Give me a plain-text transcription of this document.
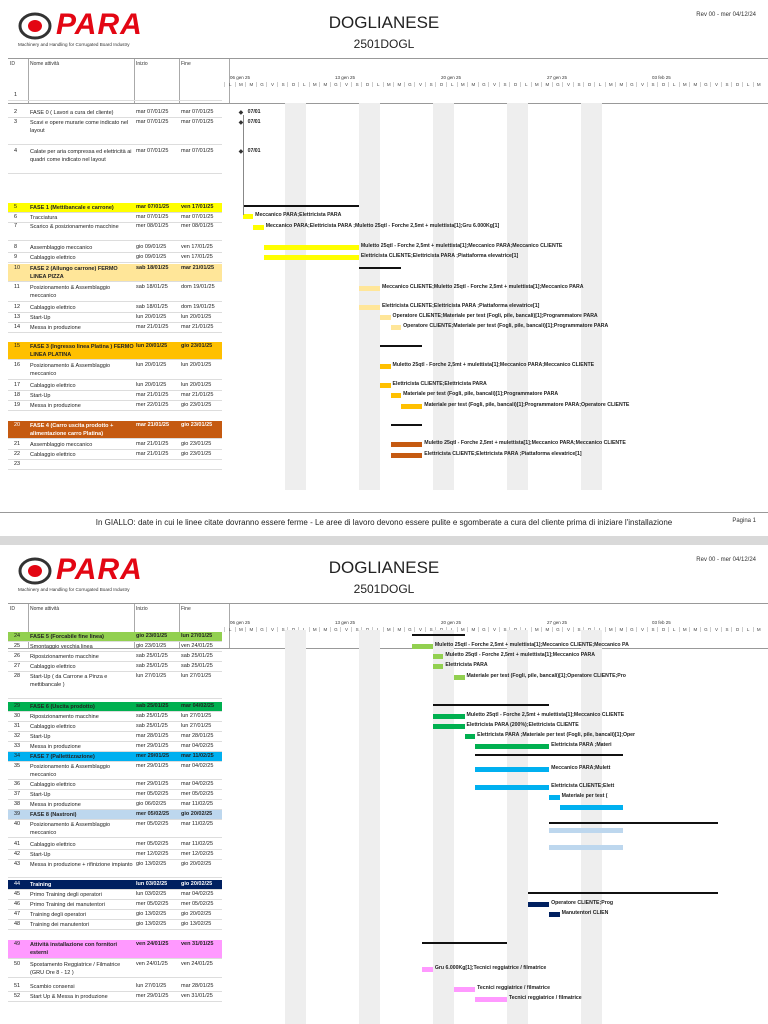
PARA
Machinery and Handling for Corrugated Board Industry
DOGLIANESE
2501DOGL
Rev 00 - mer 04/12/24
ID	Nome attività	Inizio	Fine
06 gen 25	13 gen 25	20 gen 25	27 gen 25	03 feb 25
L	M	M	G	V	S	D	L	M	M	G	V	S	D	L	M	M	G	V	S	D	L	M	M	G	V	S	D	L	M	M	G	V	S	D	L	M	M	G	V	S	D	L	M	M	G	V	S	D	L	M
1
2	FASE 0 ( Lavori a cura del cliente)	mar 07/01/25 mar 07/01/25
3	Scavi e opere murarie come indicato nel layout
mar 07/01/25 mar 07/01/25
4	Calate per aria compressa ed elettricità ai quadri come indicato nel layout
mar 07/01/25 mar 07/01/25
5	FASE 1 (Mettibancale e carrone)	mar 07/01/25 ven 17/01/25
6	Tracciatura	mar 07/01/25 mar 07/01/25
7	Scarico & posizionamento macchine	mer 08/01/25 mer 08/01/25
8	Assemblaggio meccanico	gio 09/01/25	ven 17/01/25
9	Cablaggio elettrico	gio 09/01/25	ven 17/01/25
10	FASE 2 (Allungo carrone) FERMO LINEA PIZZA
sab 18/01/25 mar 21/01/25
11	Posizionamento & Assemblaggio meccanico
sab 18/01/25 dom 19/01/25
12	Cablaggio elettrico	sab 18/01/25 dom 19/01/25
13	Start-Up	lun 20/01/25	lun 20/01/25
14	Messa in produzione	mar 21/01/25 mar 21/01/25
15	FASE 3 (Ingresso linea Platina ) FERMO LINEA PLATINA
lun 20/01/25	gio 23/01/25
16	Posizionamento & Assemblaggio meccanico
lun 20/01/25	lun 20/01/25
17	Cablaggio elettrico	lun 20/01/25	lun 20/01/25
18	Start-Up	mar 21/01/25 mar 21/01/25
19	Messa in produzione	mer 22/01/25 gio 23/01/25
20	FASE 4 (Carro uscita prodotto + alimentazione carro Platina)
mar 21/01/25 gio 23/01/25
21	Assemblaggio meccanico	mar 21/01/25 gio 23/01/25
22	Cablaggio elettrico	mar 21/01/25 gio 23/01/25
23
◆ 07/01
◆ 07/01
◆ 07/01
Meccanico PARA;Elettricista PARA
Meccanico PARA;Elettricista PARA ;Muletto 25qtl - Forche 2,5mt + mulettista[1];Gru 6.000Kg[1]
Muletto 25qtl - Forche 2,5mt + mulettista[1];Meccanico PARA;Meccanico CLIENTE
Elettricista CLIENTE;Elettricista PARA ;Piattaforma elevatrice[1]
Meccanico CLIENTE;Muletto 25qtl - Forche 2,5mt + mulettista[1];Meccanico PARA
Elettricista CLIENTE;Elettricista PARA ;Piattaforma elevatrice[1]
Operatore CLIENTE;Materiale per test (Fogli, pile, bancali)[1];Programmatore PARA
Operatore CLIENTE;Materiale per test (Fogli, pile, bancali)[1];Programmatore PARA
Muletto 25qtl - Forche 2,5mt + mulettista[1];Meccanico PARA;Meccanico CLIENTE
Elettricista CLIENTE;Elettricista PARA
Materiale per test (Fogli, pile, bancali)[1];Programmatore PARA
Materiale per test (Fogli, pile, bancali)[1];Programmatore PARA;Operatore CLIENTE
Muletto 25qtl - Forche 2,5mt + mulettista[1];Meccanico PARA;Meccanico CLIENTE
Elettricista CLIENTE;Elettricista PARA ;Piattaforma elevatrice[1]
In GIALLO: date in cui le linee citate dovranno essere ferme - Le aree di lavoro devono essere pulite e sgomberate a cura del cliente prima di iniziare l'installazione	Pagina 1
PARA
Machinery and Handling for Corrugated Board Industry
DOGLIANESE
2501DOGL
Rev 00 - mer 04/12/24
ID	Nome attività	Inizio	Fine
06 gen 25	13 gen 25	20 gen 25	27 gen 25	03 feb 25
L	M	M	G	V	S	M	M	G	V	S	M	M	G	V	S	M	M	G	V	S	M	M	G	V	S	M	M	G	V	S	D	L	M	M	G	V	S	D	L	M
24	FASE 5 (Forcabile fine linea)	gio 23/01/25	lun 27/01/25
25	Smontaggio vecchia linea	gio 23/01/25	ven 24/01/25
26	Riposizionamento macchine	sab 25/01/25 sab 25/01/25
27	Cablaggio elettrico	sab 25/01/25 sab 25/01/25
28	Start-Up ( da Carrone a Pinza e mettibancale )
lun 27/01/25	lun 27/01/25
29	FASE 6 (Uscita prodotto)	sab 25/01/25 mar 04/02/25
30	Riposizionamento macchine	sab 25/01/25 lun 27/01/25
31	Cablaggio elettrico	sab 25/01/25 lun 27/01/25
32	Start-Up	mar 28/01/25 mar 28/01/25
33	Messa in produzione	mer 29/01/25 mar 04/02/25
34	FASE 7 (Pallettizzazione)	mer 29/01/25 mar 11/02/25
35	Posizionamento & Assemblaggio meccanico
mer 29/01/25 mar 04/02/25
36	Cablaggio elettrico	mer 29/01/25 mar 04/02/25
37	Start-Up	mer 05/02/25 mer 05/02/25
38	Messa in produzione	gio 06/02/25	mar 11/02/25
39	FASE 8 (Nastroni)	mer 05/02/25 gio 20/02/25
40	Posizionamento & Assemblaggio meccanico
mer 05/02/25 mar 11/02/25
41	Cablaggio elettrico	mer 05/02/25 mar 11/02/25
42	Start-Up	mer 12/02/25 mer 12/02/25
43	Messa in produzione + rifinizione impianto gio 13/02/25	gio 20/02/25
44	Training	lun 03/02/25	gio 20/02/25
45	Primo Training degli operatori	lun 03/02/25	mar 04/02/25
46	Primo Training dei manutentori	mer 05/02/25 mer 05/02/25
47	Training degli operatori	gio 13/02/25	gio 20/02/25
48	Training dei manutentori	gio 13/02/25	gio 13/02/25
49	Attività installazione con fornitori esterni
ven 24/01/25 ven 31/01/25
50	Spostamento Reggiatrice / Filmatrice (GRU Ore 8 - 12 )
ven 24/01/25 ven 24/01/25
51	Scambio consensi	lun 27/01/25	mar 28/01/25
52	Start Up & Messa in produzione	mer 29/01/25 ven 31/01/25
Muletto 25qtl - Forche 2,5mt + mulettista[1];Meccanico CLIENTE;Meccanico PA
Muletto 25qtl - Forche 2,5mt + mulettista[1];Meccanico PARA
Elettricista PARA
Materiale per test (Fogli, pile, bancali)[1];Operatore CLIENTE;Pro
Muletto 25qtl - Forche 2,5mt + mulettista[1];Meccanico CLIENTE
Elettricista PARA (200%);Elettricista CLIENTE
Elettricista PARA ;Materiale per test (Fogli, pile, bancali)[1];Oper
Elettricista PARA ;Materi
Meccanico PARA;Mulett
Elettricista CLIENTE;Elett
Materiale per test (
Operatore CLIENTE;Prog
Manutentori CLIEN
Gru 6.000Kg[1];Tecnici reggiatrice / filmatrice
Tecnici reggiatrice / filmatrice
Tecnici reggiatrice / filmatrice
